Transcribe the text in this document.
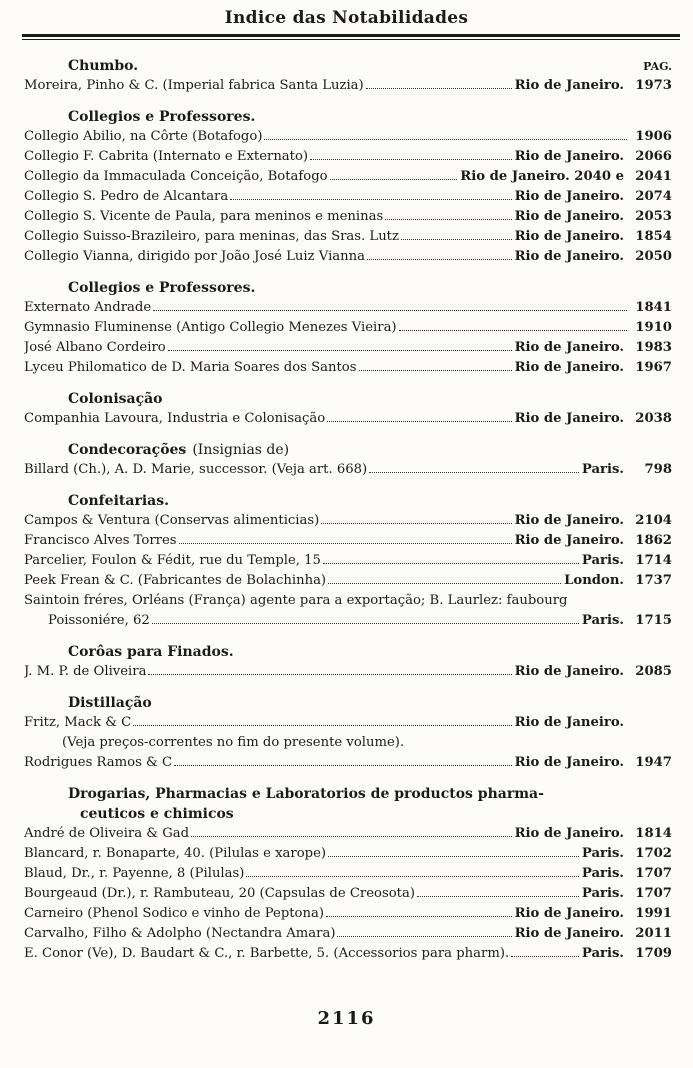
Indice das Notabilidades
Chumbo.	PAG.
Moreira, Pinho & C. (Imperial fabrica Santa Luzia)	Rio de Janeiro. 1973
Collegios e Professores.
Collegio Abilio, na Côrte (Botafogo)	1906
Collegio F. Cabrita (Internato e Externato)	Rio de Janeiro. 2066
Collegio da Immaculada Conceição, Botafogo	Rio de Janeiro. 2040 e 2041
Collegio S. Pedro de Alcantara	Rio de Janeiro. 2074
Collegio S. Vicente de Paula, para meninos e meninas	Rio de Janeiro. 2053
Collegio Suisso-Brazileiro, para meninas, das Sras. Lutz	Rio de Janeiro. 1854
Collegio Vianna, dirigido por João José Luiz Vianna	Rio de Janeiro. 2050
Collegios e Professores.
Externato Andrade	1841
Gymnasio Fluminense (Antigo Collegio Menezes Vieira)	1910
José Albano Cordeiro	Rio de Janeiro. 1983
Lyceu Philomatico de D. Maria Soares dos Santos	Rio de Janeiro. 1967
Colonisação
Companhia Lavoura, Industria e Colonisação	Rio de Janeiro. 2038
Condecorações (Insignias de)
Billard (Ch.), A. D. Marie, successor. (Veja art. 668)	Paris.	798
Confeitarias.
Campos & Ventura (Conservas alimenticias)	Rio de Janeiro. 2104
Francisco Alves Torres	Rio de Janeiro. 1862
Parcelier, Foulon & Fédit, rue du Temple, 15	Paris. 1714
Peek Frean & C. (Fabricantes de Bolachinha)	London. 1737
Saintoin fréres, Orléans (França) agente para a exportação; B. Laurlez: faubourg
Poissoniére, 62	Paris. 1715
Corôas para Finados.
J. M. P. de Oliveira	Rio de Janeiro. 2085
Distillação
Fritz, Mack & C	Rio de Janeiro.
(Veja preços-correntes no fim do presente volume).
Rodrigues Ramos & C	Rio de Janeiro. 1947
Drogarias, Pharmacias e Laboratorios de productos pharma-
ceuticos e chimicos
André de Oliveira & Gad	Rio de Janeiro. 1814
Blancard, r. Bonaparte, 40. (Pilulas e xarope)	Paris. 1702
Blaud, Dr., r. Payenne, 8 (Pilulas)	Paris. 1707
Bourgeaud (Dr.), r. Rambuteau, 20 (Capsulas de Creosota)	Paris. 1707
Carneiro (Phenol Sodico e vinho de Peptona)	Rio de Janeiro. 1991
Carvalho, Filho & Adolpho (Nectandra Amara)	Rio de Janeiro. 2011
E. Conor (Ve), D. Baudart & C., r. Barbette, 5. (Accessorios para pharm).	Paris. 1709
2116
